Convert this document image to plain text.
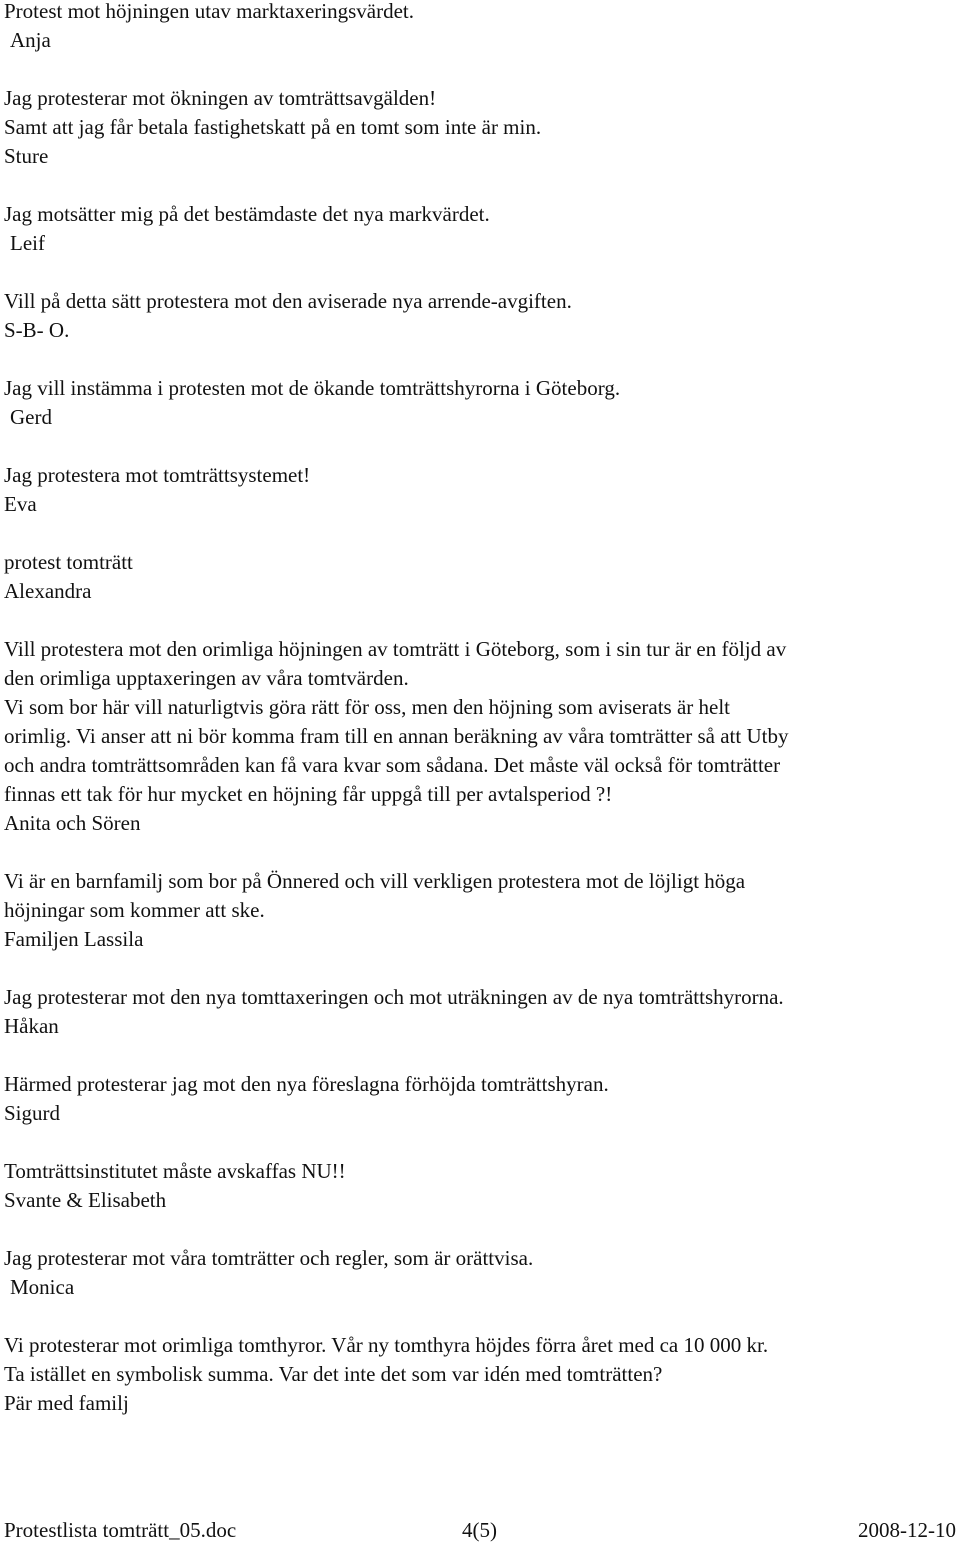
Protest mot höjningen utav marktaxeringsvärdet.

Anja

Jag protesterar mot ökningen av tomträttsavgälden!

Samt att jag får betala fastighetskatt på en tomt som inte är min.

Sture

Jag motsätter mig på det bestämdaste det nya markvärdet.

Leif

Vill på detta sätt protestera mot den aviserade nya arrende-avgiften.

S-B- O.

Jag vill instämma i protesten mot de ökande tomträttshyrorna i Göteborg.

Gerd

Jag protestera mot tomträttsystemet!

Eva

protest tomträtt

Alexandra

Vill protestera mot den orimliga höjningen av tomträtt i Göteborg, som i sin tur är en följd av

den orimliga upptaxeringen av våra tomtvärden.

Vi som bor här vill naturligtvis göra rätt för oss, men den höjning som aviserats är helt

orimlig. Vi anser att ni bör komma fram till en annan beräkning av våra tomträtter så att Utby

och andra tomträttsområden kan få vara kvar som sådana. Det måste väl också för tomträtter

finnas ett tak för hur mycket en höjning får uppgå till per avtalsperiod ?!

Anita och Sören

Vi är en barnfamilj som bor på Önnered och vill verkligen protestera mot de löjligt höga

höjningar som kommer att ske.

Familjen Lassila

Jag protesterar mot den nya tomttaxeringen och mot uträkningen av de nya tomträttshyrorna.

Håkan

Härmed protesterar jag mot den nya föreslagna förhöjda tomträttshyran.

Sigurd

Tomträttsinstitutet måste avskaffas NU!!

Svante & Elisabeth

Jag protesterar mot våra tomträtter och regler, som är orättvisa.

Monica

Vi protesterar mot orimliga tomthyror. Vår ny tomthyra höjdes förra året med ca 10 000 kr.

Ta istället en symbolisk summa. Var det inte det som var idén med tomträtten?

Pär med familj

Protestlista tomträtt_05.doc	4(5)	2008-12-10
